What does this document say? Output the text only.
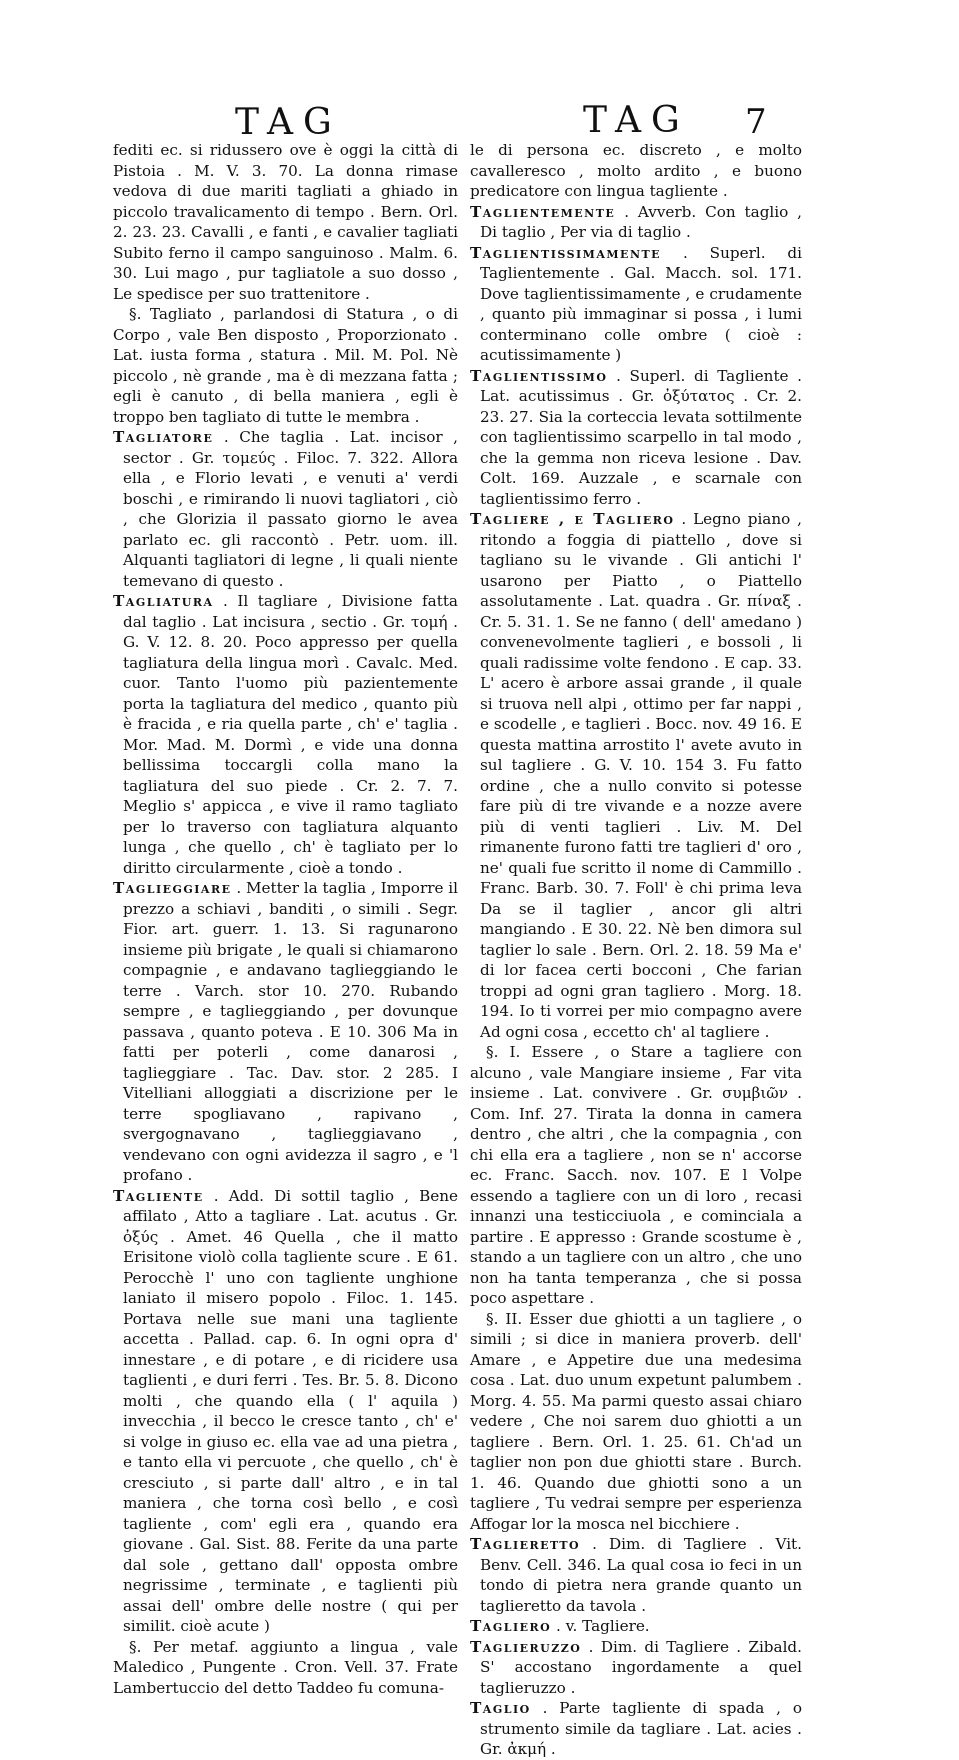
TAG	TAG 7

fediti ec. si ridussero ove è oggi la città di Pistoia . M. V. 3. 70. La donna rimase vedova di due mariti tagliati a ghiado in piccolo travalicamento di tempo . Bern. Orl. 2. 23. 23. Cavalli , e fanti , e cavalier tagliati Subito ferno il campo sanguinoso . Malm. 6. 30. Lui mago , pur tagliatole a suo dosso , Le spedisce per suo trattenitore .

§. Tagliato , parlandosi di Statura , o di Corpo , vale Ben disposto , Proporzionato . Lat. iusta forma , statura . Mil. M. Pol. Nè piccolo , nè grande , ma è di mezzana fatta ; egli è canuto , di bella maniera , egli è troppo ben tagliato di tutte le membra .

Tagliatore . Che taglia . Lat. incisor , sector . Gr. τομεύς . Filoc. 7. 322. Allora ella , e Florio levati , e venuti a' verdi boschi , e rimirando li nuovi tagliatori , ciò , che Glorizia il passato giorno le avea parlato ec. gli raccontò . Petr. uom. ill. Alquanti tagliatori di legne , li quali niente temevano di questo .

Tagliatura . Il tagliare , Divisione fatta dal taglio . Lat incisura , sectio . Gr. τομή . G. V. 12. 8. 20. Poco appresso per quella tagliatura della lingua morì . Cavalc. Med. cuor. Tanto l'uomo più pazientemente porta la tagliatura del medico , quanto più è fracida , e ria quella parte , ch' e' taglia . Mor. Mad. M. Dormì , e vide una donna bellissima toccargli colla mano la tagliatura del suo piede . Cr. 2. 7. 7. Meglio s' appicca , e vive il ramo tagliato per lo traverso con tagliatura alquanto lunga , che quello , ch' è tagliato per lo diritto circularmente , cioè a tondo .

Taglieggiare . Metter la taglia , Imporre il prezzo a schiavi , banditi , o simili . Segr. Fior. art. guerr. 1. 13. Si ragunarono insieme più brigate , le quali si chiamarono compagnie , e andavano taglieggiando le terre . Varch. stor 10. 270. Rubando sempre , e taglieggiando , per dovunque passava , quanto poteva . E 10. 306 Ma in fatti per poterli , come danarosi , taglieggiare . Tac. Dav. stor. 2 285. I Vitelliani alloggiati a discrizione per le terre spogliavano , rapivano , svergognavano , taglieggiavano , vendevano con ogni avidezza il sagro , e 'l profano .

Tagliente . Add. Di sottil taglio , Bene affilato , Atto a tagliare . Lat. acutus . Gr. ὀξύς . Amet. 46 Quella , che il matto Erisitone violò colla tagliente scure . E 61. Perocchè l' uno con tagliente unghione laniato il misero popolo . Filoc. 1. 145. Portava nelle sue mani una tagliente accetta . Pallad. cap. 6. In ogni opra d' innestare , e di potare , e di ricidere usa taglienti , e duri ferri . Tes. Br. 5. 8. Dicono molti , che quando ella ( l' aquila ) invecchia , il becco le cresce tanto , ch' e' si volge in giuso ec. ella vae ad una pietra , e tanto ella vi percuote , che quello , ch' è cresciuto , si parte dall' altro , e in tal maniera , che torna così bello , e così tagliente , com' egli era , quando era giovane . Gal. Sist. 88. Ferite da una parte dal sole , gettano dall' opposta ombre negrissime , terminate , e taglienti più assai dell' ombre delle nostre ( qui per similit. cioè acute )

§. Per metaf. aggiunto a lingua , vale Maledico , Pungente . Cron. Vell. 37. Frate Lambertuccio del detto Taddeo fu comuna-

le di persona ec. discreto , e molto cavalleresco , molto ardito , e buono predicatore con lingua tagliente .

Taglientemente . Avverb. Con taglio , Di taglio , Per via di taglio .

Taglientissimamente . Superl. di Taglientemente . Gal. Macch. sol. 171. Dove taglientissimamente , e crudamente , quanto più immaginar si possa , i lumi conterminano colle ombre ( cioè : acutissimamente )

Taglientissimo . Superl. di Tagliente . Lat. acutissimus . Gr. ὀξύτατος . Cr. 2. 23. 27. Sia la corteccia levata sottilmente con taglientissimo scarpello in tal modo , che la gemma non riceva lesione . Dav. Colt. 169. Auzzale , e scarnale con taglientissimo ferro .

Tagliere , e Tagliero . Legno piano , ritondo a foggia di piattello , dove si tagliano su le vivande . Gli antichi l' usarono per Piatto , o Piattello assolutamente . Lat. quadra . Gr. πίναξ . Cr. 5. 31. 1. Se ne fanno ( dell' amedano ) convenevolmente taglieri , e bossoli , li quali radissime volte fendono . E cap. 33. L' acero è arbore assai grande , il quale si truova nell alpi , ottimo per far nappi , e scodelle , e taglieri . Bocc. nov. 49 16. E questa mattina arrostito l' avete avuto in sul tagliere . G. V. 10. 154 3. Fu fatto ordine , che a nullo convito si potesse fare più di tre vivande e a nozze avere più di venti taglieri . Liv. M. Del rimanente furono fatti tre taglieri d' oro , ne' quali fue scritto il nome di Cammillo . Franc. Barb. 30. 7. Foll' è chi prima leva Da se il taglier , ancor gli altri mangiando . E 30. 22. Nè ben dimora sul taglier lo sale . Bern. Orl. 2. 18. 59 Ma e' di lor facea certi bocconi , Che farian troppi ad ogni gran tagliero . Morg. 18. 194. Io ti vorrei per mio compagno avere Ad ogni cosa , eccetto ch' al tagliere .

§. I. Essere , o Stare a tagliere con alcuno , vale Mangiare insieme , Far vita insieme . Lat. convivere . Gr. συμβιῶν . Com. Inf. 27. Tirata la donna in camera dentro , che altri , che la compagnia , con chi ella era a tagliere , non se n' accorse ec. Franc. Sacch. nov. 107. E l Volpe essendo a tagliere con un di loro , recasi innanzi una testicciuola , e cominciala a partire . E appresso : Grande scostume è , stando a un tagliere con un altro , che uno non ha tanta temperanza , che si possa poco aspettare .

§. II. Esser due ghiotti a un tagliere , o simili ; si dice in maniera proverb. dell' Amare , e Appetire due una medesima cosa . Lat. duo unum expetunt palumbem . Morg. 4. 55. Ma parmi questo assai chiaro vedere , Che noi sarem duo ghiotti a un tagliere . Bern. Orl. 1. 25. 61. Ch'ad un taglier non pon due ghiotti stare . Burch. 1. 46. Quando due ghiotti sono a un tagliere , Tu vedrai sempre per esperienza Affogar lor la mosca nel bicchiere .

Taglieretto . Dim. di Tagliere . Vit. Benv. Cell. 346. La qual cosa io feci in un tondo di pietra nera grande quanto un taglieretto da tavola .

Tagliero . v. Tagliere.

Taglieruzzo . Dim. di Tagliere . Zibald. S' accostano ingordamente a quel taglieruzzo .

Taglio . Parte tagliente di spada , o strumento simile da tagliare . Lat. acies . Gr. ἀκμή .
